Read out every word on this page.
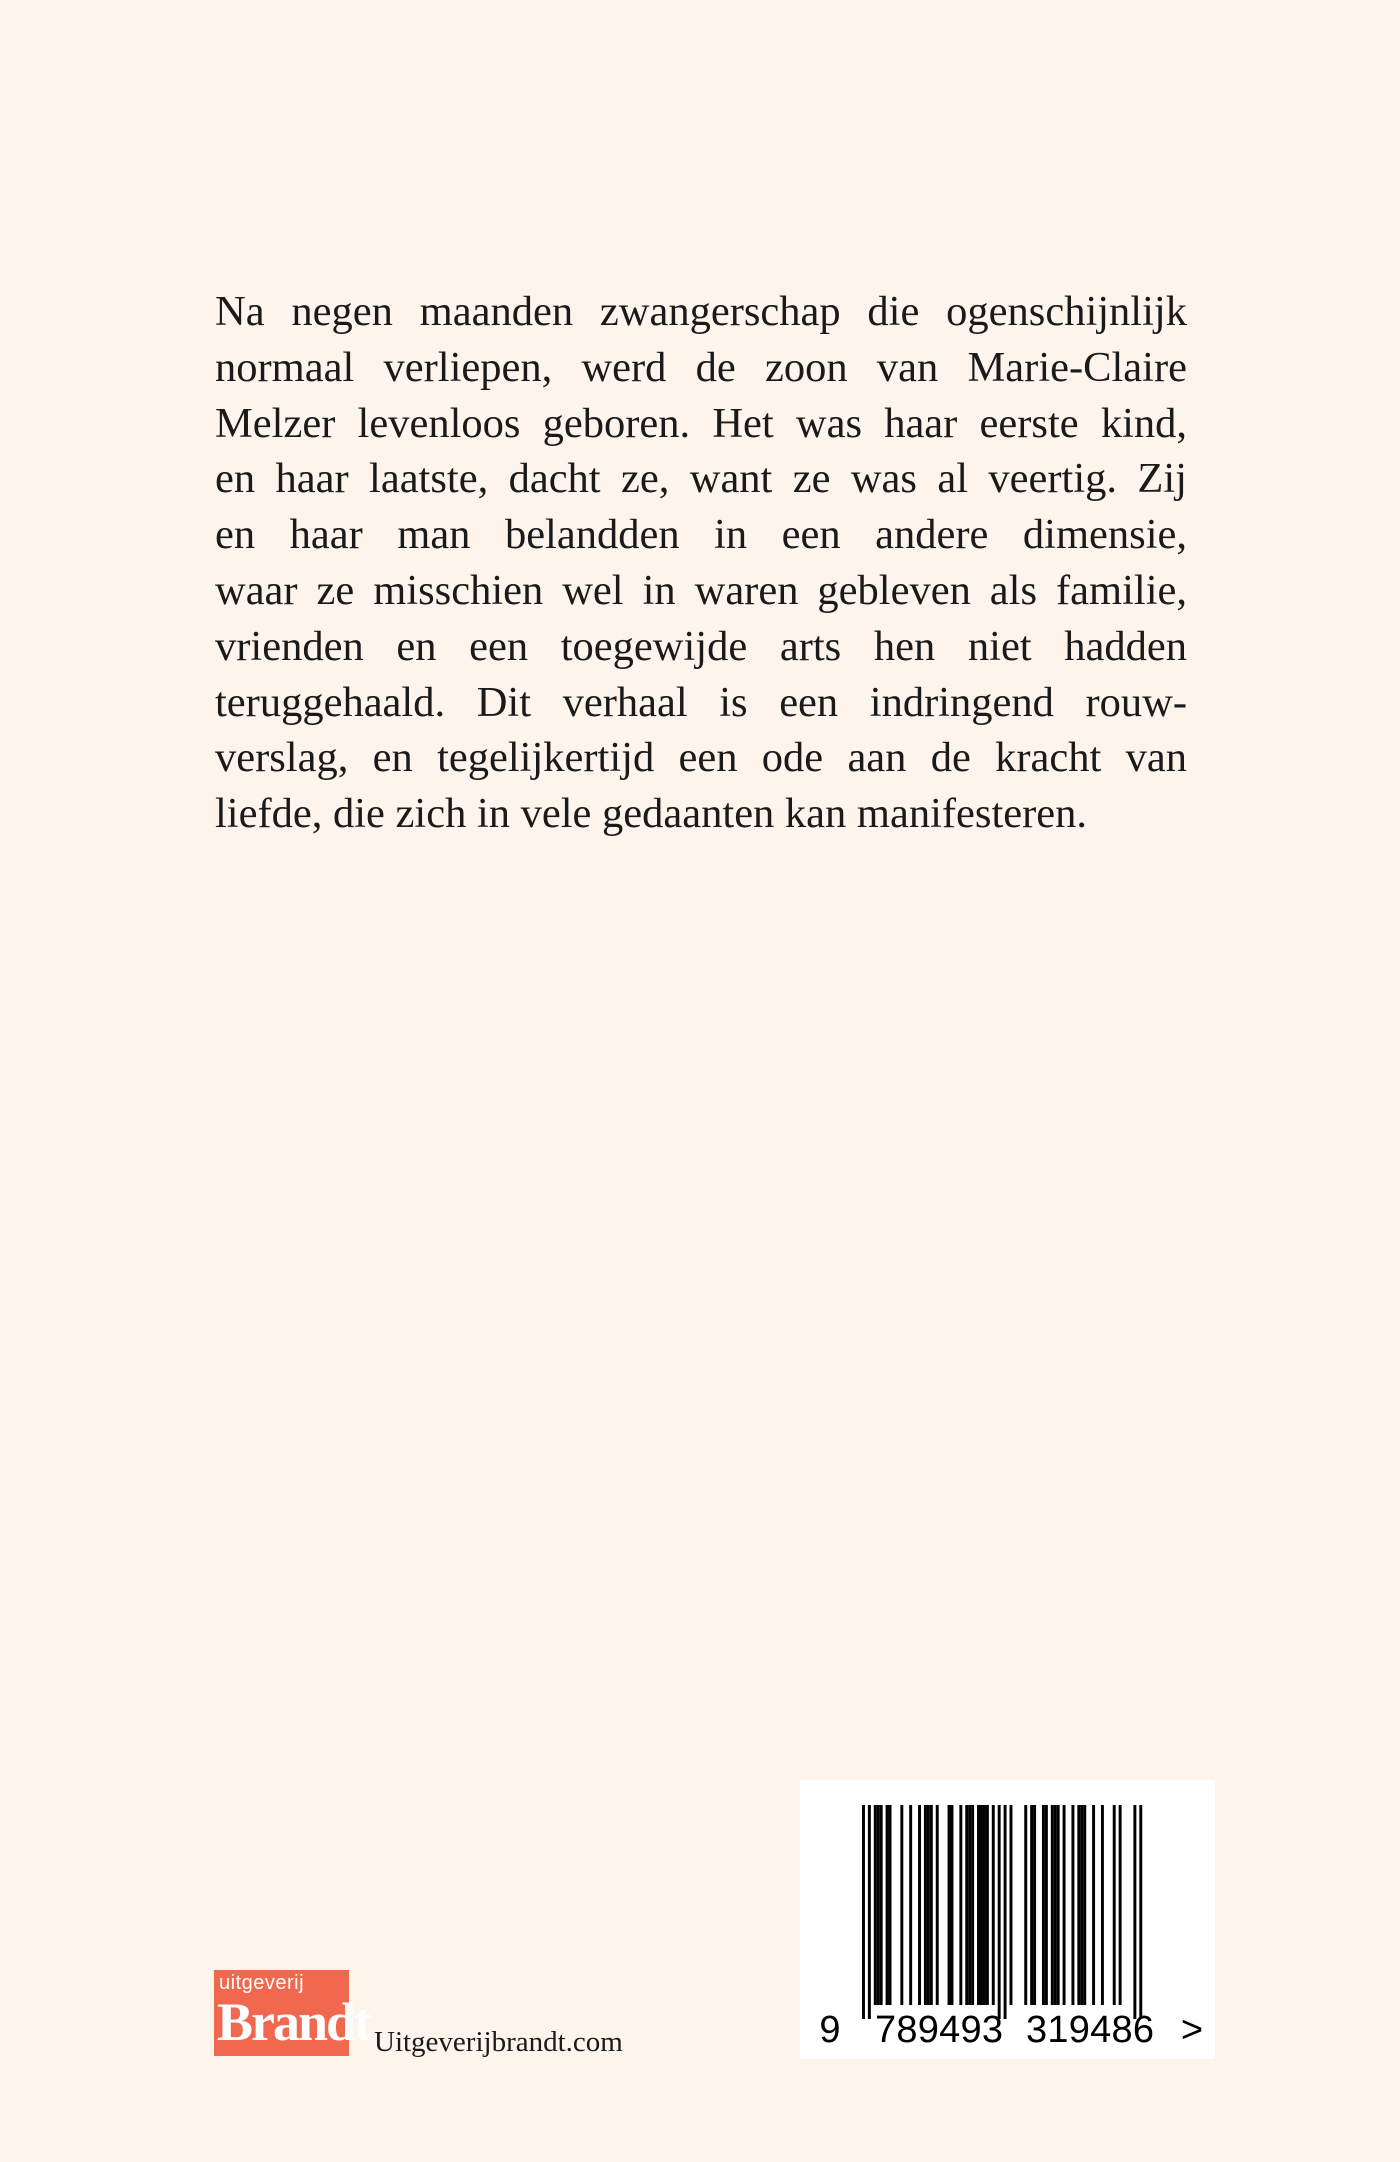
Na negen maanden zwangerschap die ogenschijnlijk
normaal verliepen, werd de zoon van Marie-Claire
Melzer levenloos geboren. Het was haar eerste kind,
en haar laatste, dacht ze, want ze was al veertig. Zij
en haar man belandden in een andere dimensie,
waar ze misschien wel in waren gebleven als familie,
vrienden en een toegewijde arts hen niet hadden
teruggehaald. Dit verhaal is een indringend rouw-
verslag, en tegelijkertijd een ode aan de kracht van
liefde, die zich in vele gedaanten kan manifesteren.
uitgeverij
Brandt Uitgeverijbrandt.com	9 789493 319486 >
